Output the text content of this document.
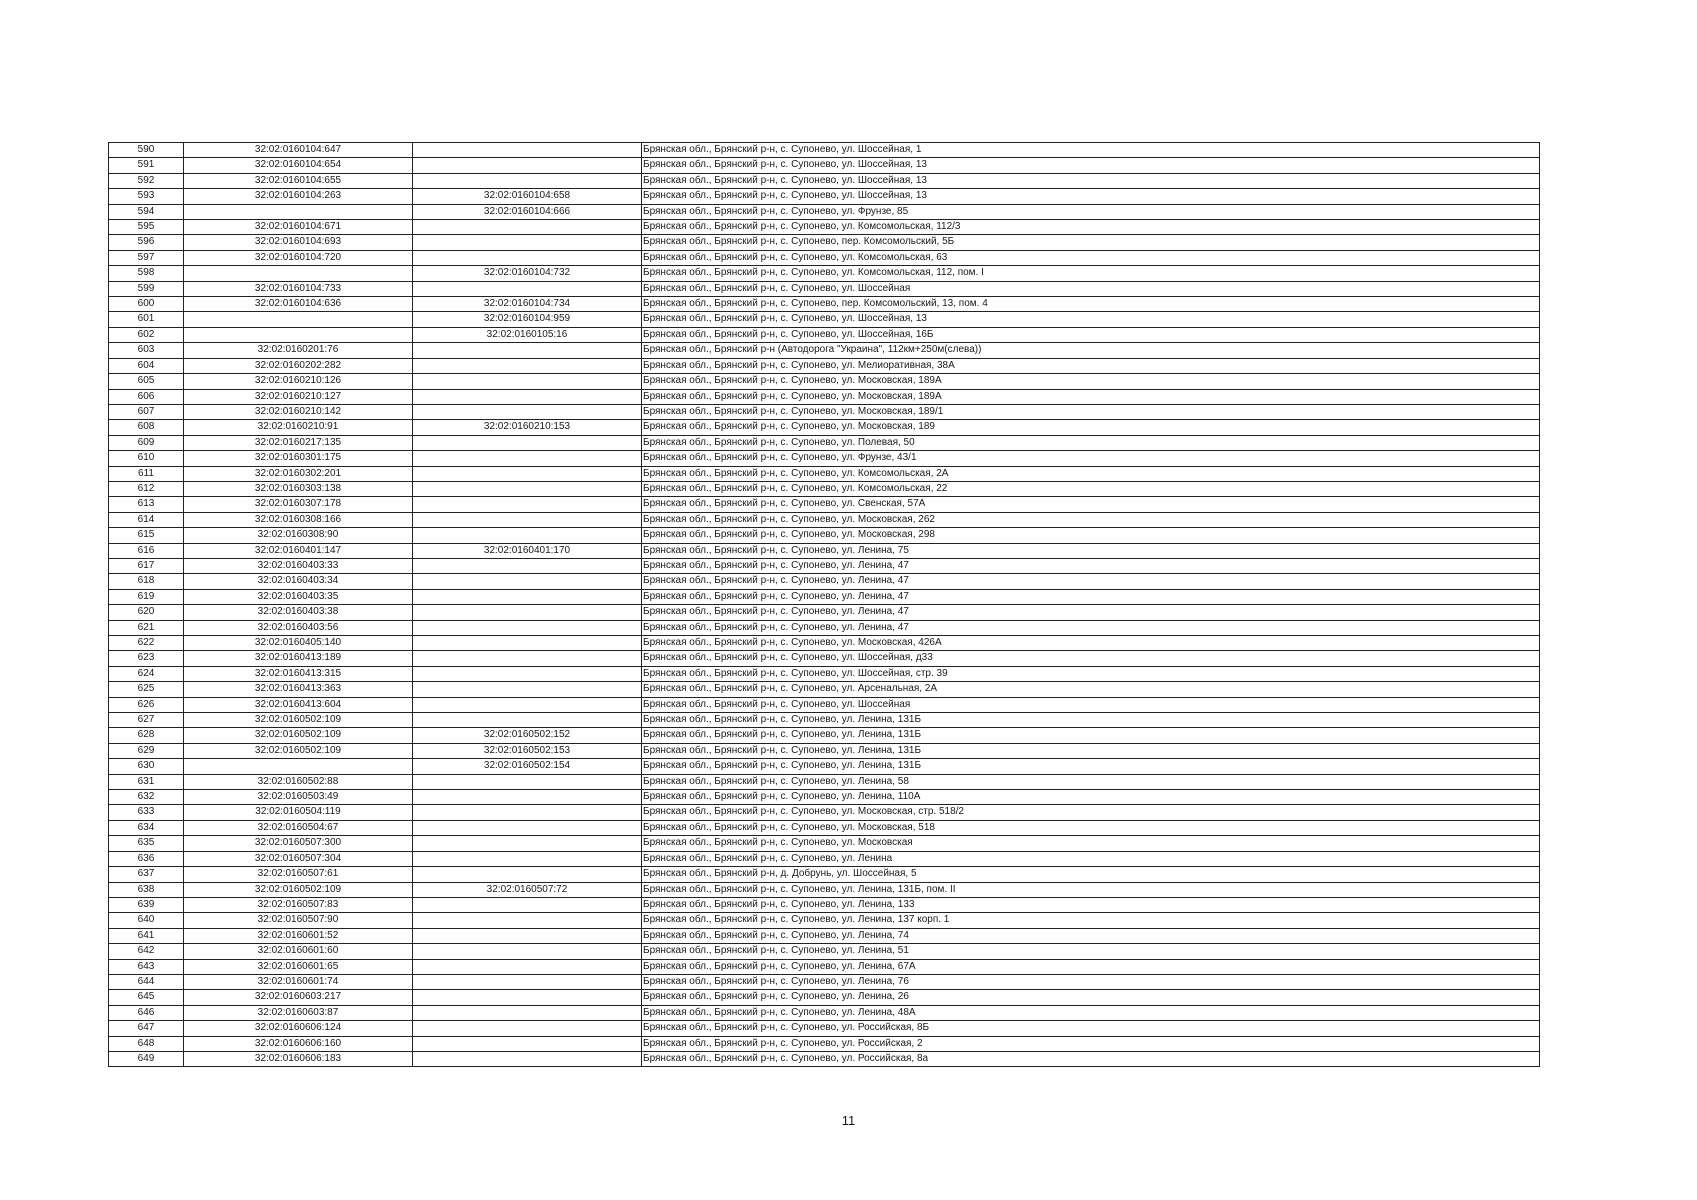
590	32:02:0160104:647		Брянская обл., Брянский р-н, с. Супонево, ул. Шоссейная, 1
591	32:02:0160104:654		Брянская обл., Брянский р-н, с. Супонево, ул. Шоссейная, 13
592	32:02:0160104:655		Брянская обл., Брянский р-н, с. Супонево, ул. Шоссейная, 13
593	32:02:0160104:263	32:02:0160104:658	Брянская обл., Брянский р-н, с. Супонево, ул. Шоссейная, 13
594		32:02:0160104:666	Брянская обл., Брянский р-н, с. Супонево, ул. Фрунзе, 85
595	32:02:0160104:671		Брянская обл., Брянский р-н, с. Супонево, ул. Комсомольская, 112/3
596	32:02:0160104:693		Брянская обл., Брянский р-н, с. Супонево, пер. Комсомольский, 5Б
597	32:02:0160104:720		Брянская обл., Брянский р-н, с. Супонево, ул. Комсомольская, 63
598		32:02:0160104:732	Брянская обл., Брянский р-н, с. Супонево, ул. Комсомольская, 112, пом. I
599	32:02:0160104:733		Брянская обл., Брянский р-н, с. Супонево, ул. Шоссейная
600	32:02:0160104:636	32:02:0160104:734	Брянская обл., Брянский р-н, с. Супонево, пер. Комсомольский, 13, пом. 4
601		32:02:0160104:959	Брянская обл., Брянский р-н, с. Супонево, ул. Шоссейная, 13
602		32:02:0160105:16	Брянская обл., Брянский р-н, с. Супонево, ул. Шоссейная, 16Б
603	32:02:0160201:76		Брянская обл., Брянский р-н (Автодорога "Украина", 112км+250м(слева))
604	32:02:0160202:282		Брянская обл., Брянский р-н, с. Супонево, ул. Мелиоративная, 38А
605	32:02:0160210:126		Брянская обл., Брянский р-н, с. Супонево, ул. Московская, 189А
606	32:02:0160210:127		Брянская обл., Брянский р-н, с. Супонево, ул. Московская, 189А
607	32:02:0160210:142		Брянская обл., Брянский р-н, с. Супонево, ул. Московская, 189/1
608	32:02:0160210:91	32:02:0160210:153	Брянская обл., Брянский р-н, с. Супонево, ул. Московская, 189
609	32:02:0160217:135		Брянская обл., Брянский р-н, с. Супонево, ул. Полевая, 50
610	32:02:0160301:175		Брянская обл., Брянский р-н, с. Супонево, ул. Фрунзе, 43/1
611	32:02:0160302:201		Брянская обл., Брянский р-н, с. Супонево, ул. Комсомольская, 2А
612	32:02:0160303:138		Брянская обл., Брянский р-н, с. Супонево, ул. Комсомольская, 22
613	32:02:0160307:178		Брянская обл., Брянский р-н, с. Супонево, ул. Свенская, 57А
614	32:02:0160308:166		Брянская обл., Брянский р-н, с. Супонево, ул. Московская, 262
615	32:02:0160308:90		Брянская обл., Брянский р-н, с. Супонево, ул. Московская, 298
616	32:02:0160401:147	32:02:0160401:170	Брянская обл., Брянский р-н, с. Супонево, ул. Ленина, 75
617	32:02:0160403:33		Брянская обл., Брянский р-н, с. Супонево, ул. Ленина, 47
618	32:02:0160403:34		Брянская обл., Брянский р-н, с. Супонево, ул. Ленина, 47
619	32:02:0160403:35		Брянская обл., Брянский р-н, с. Супонево, ул. Ленина, 47
620	32:02:0160403:38		Брянская обл., Брянский р-н, с. Супонево, ул. Ленина, 47
621	32:02:0160403:56		Брянская обл., Брянский р-н, с. Супонево, ул. Ленина, 47
622	32:02:0160405:140		Брянская обл., Брянский р-н, с. Супонево, ул. Московская, 426А
623	32:02:0160413:189		Брянская обл., Брянский р-н, с. Супонево, ул. Шоссейная, д33
624	32:02:0160413:315		Брянская обл., Брянский р-н, с. Супонево, ул. Шоссейная, стр. 39
625	32:02:0160413:363		Брянская обл., Брянский р-н, с. Супонево, ул. Арсенальная, 2А
626	32:02:0160413:604		Брянская обл., Брянский р-н, с. Супонево, ул. Шоссейная
627	32:02:0160502:109		Брянская обл., Брянский р-н, с. Супонево, ул. Ленина, 131Б
628	32:02:0160502:109	32:02:0160502:152	Брянская обл., Брянский р-н, с. Супонево, ул. Ленина, 131Б
629	32:02:0160502:109	32:02:0160502:153	Брянская обл., Брянский р-н, с. Супонево, ул. Ленина, 131Б
630		32:02:0160502:154	Брянская обл., Брянский р-н, с. Супонево, ул. Ленина, 131Б
631	32:02:0160502:88		Брянская обл., Брянский р-н, с. Супонево, ул. Ленина, 58
632	32:02:0160503:49		Брянская обл., Брянский р-н, с. Супонево, ул. Ленина, 110А
633	32:02:0160504:119		Брянская обл., Брянский р-н, с. Супонево, ул. Московская, стр. 518/2
634	32:02:0160504:67		Брянская обл., Брянский р-н, с. Супонево, ул. Московская, 518
635	32:02:0160507:300		Брянская обл., Брянский р-н, с. Супонево, ул. Московская
636	32:02:0160507:304		Брянская обл., Брянский р-н, с. Супонево, ул. Ленина
637	32:02:0160507:61		Брянская обл., Брянский р-н, д. Добрунь, ул. Шоссейная, 5
638	32:02:0160502:109	32:02:0160507:72	Брянская обл., Брянский р-н, с. Супонево, ул. Ленина, 131Б, пом. II
639	32:02:0160507:83		Брянская обл., Брянский р-н, с. Супонево, ул. Ленина, 133
640	32:02:0160507:90		Брянская обл., Брянский р-н, с. Супонево, ул. Ленина, 137 корп. 1
641	32:02:0160601:52		Брянская обл., Брянский р-н, с. Супонево, ул. Ленина, 74
642	32:02:0160601:60		Брянская обл., Брянский р-н, с. Супонево, ул. Ленина, 51
643	32:02:0160601:65		Брянская обл., Брянский р-н, с. Супонево, ул. Ленина, 67А
644	32:02:0160601:74		Брянская обл., Брянский р-н, с. Супонево, ул. Ленина, 76
645	32:02:0160603:217		Брянская обл., Брянский р-н, с. Супонево, ул. Ленина, 26
646	32:02:0160603:87		Брянская обл., Брянский р-н, с. Супонево, ул. Ленина, 48А
647	32:02:0160606:124		Брянская обл., Брянский р-н, с. Супонево, ул. Российская, 8Б
648	32:02:0160606:160		Брянская обл., Брянский р-н, с. Супонево, ул. Российская, 2
649	32:02:0160606:183		Брянская обл., Брянский р-н, с. Супонево, ул. Российская, 8а
11
